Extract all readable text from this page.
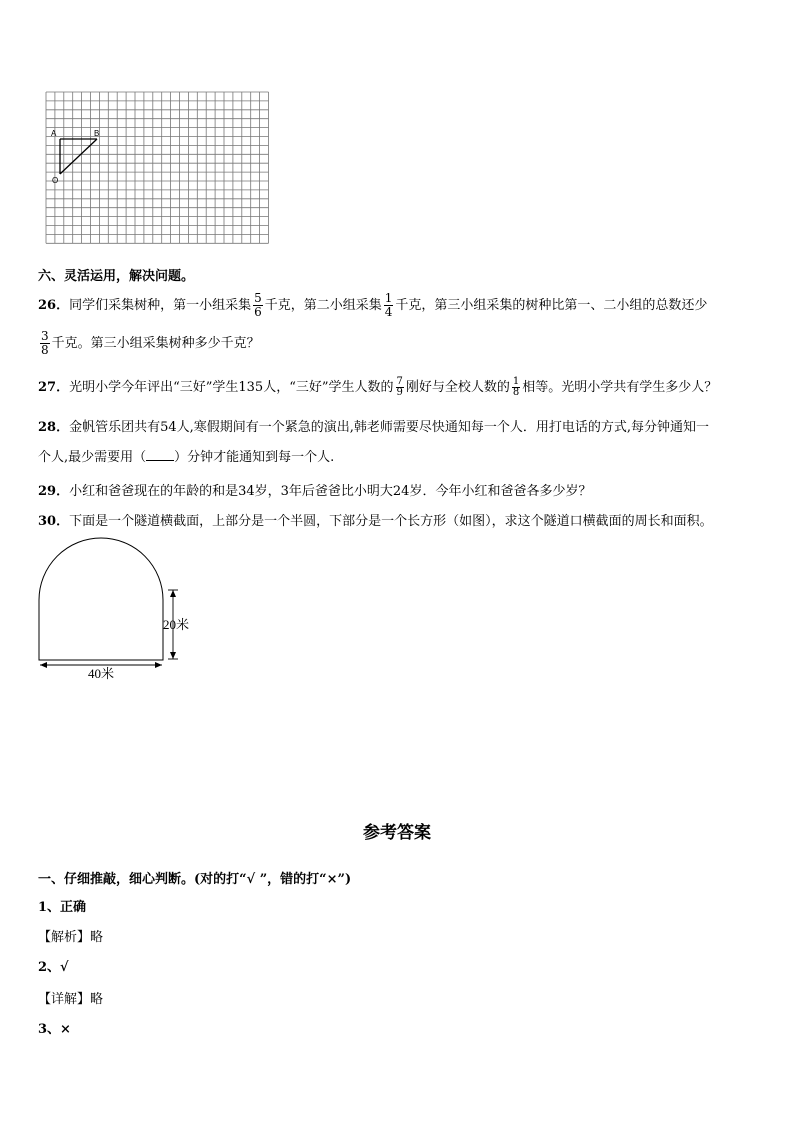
A	B
O
六、灵活运用，解决问题。
26．同学们采集树种，第一小组采集 $\frac{5}{6}$ 千克，第二小组采集 $\frac{1}{4}$ 千克，第三小组采集的树种比第一、二小组的总数还少
$\frac{3}{8}$ 千克。第三小组采集树种多少千克？
27．光明小学今年评出“三好”学生135人，“三好”学生人数的 $\frac{7}{9}$ 刚好与全校人数的 $\frac{1}{8}$ 相等。光明小学共有学生多少人？
28．金帆管乐团共有54人,寒假期间有一个紧急的演出,韩老师需要尽快通知每一个人．用打电话的方式,每分钟通知一
个人,最少需要用（ ）分钟才能通知到每一个人.
29．小红和爸爸现在的年龄的和是34岁，3年后爸爸比小明大24岁．今年小红和爸爸各多少岁？
30．下面是一个隧道横截面，上部分是一个半圆，下部分是一个长方形（如图），求这个隧道口横截面的周长和面积。
20米
40米
参考答案
一、仔细推敲，细心判断。(对的打“√ ”，错的打“×”)
1、正确
【解析】略
2、√
【详解】略
3、×
